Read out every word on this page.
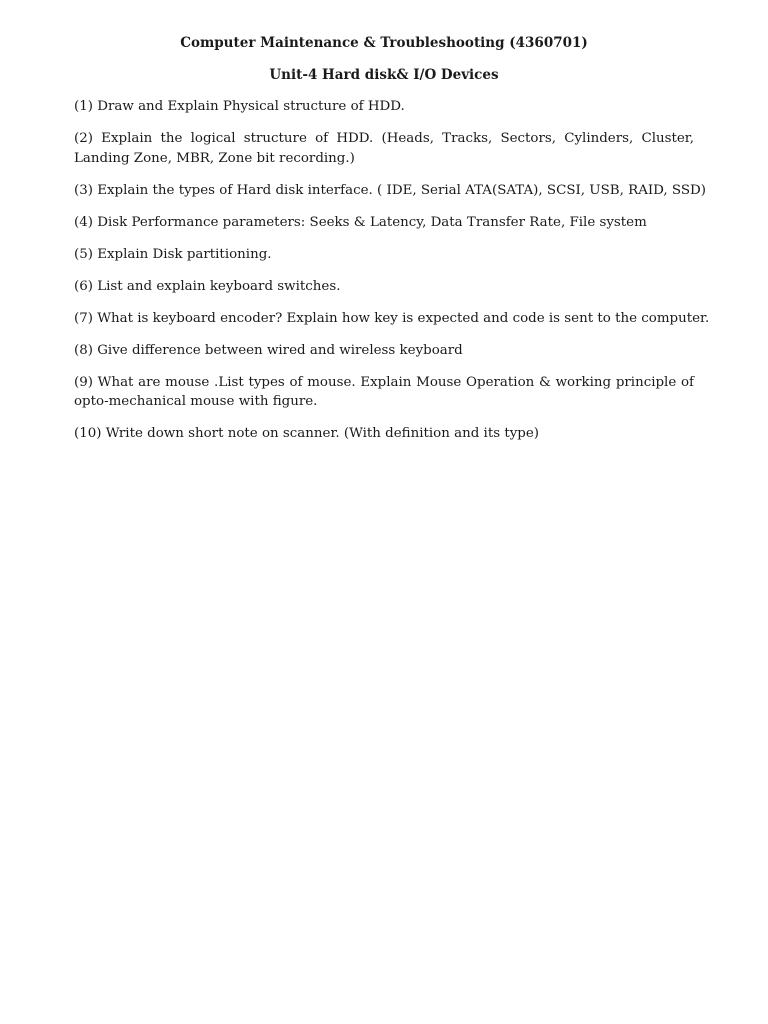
Computer Maintenance & Troubleshooting (4360701)
Unit-4 Hard disk& I/O Devices

(1) Draw and Explain Physical structure of HDD.

(2) Explain the logical structure of HDD. (Heads, Tracks, Sectors, Cylinders, Cluster, Landing Zone, MBR, Zone bit recording.)

(3) Explain the types of Hard disk interface. ( IDE, Serial ATA(SATA), SCSI, USB, RAID, SSD)

(4) Disk Performance parameters: Seeks & Latency, Data Transfer Rate, File system

(5) Explain Disk partitioning.

(6) List and explain keyboard switches.

(7) What is keyboard encoder? Explain how key is expected and code is sent to the computer.

(8) Give difference between wired and wireless keyboard

(9) What are mouse .List types of mouse. Explain Mouse Operation & working principle of opto-mechanical mouse with figure.

(10) Write down short note on scanner. (With definition and its type)
